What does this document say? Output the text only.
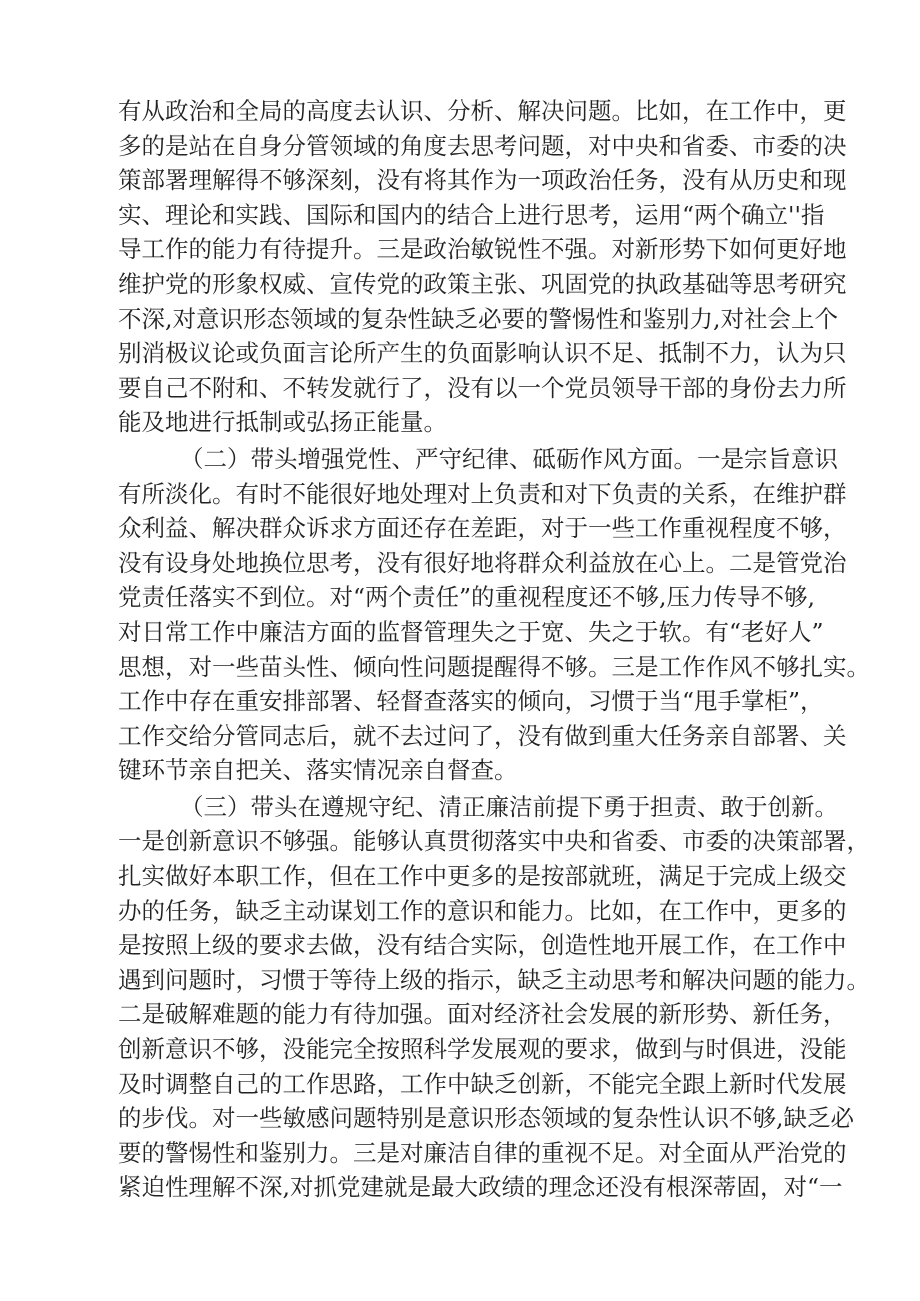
有从政治和全局的高度去认识、分析、解决问题。比如，在工作中，更
多的是站在自身分管领域的角度去思考问题，对中央和省委、市委的决
策部署理解得不够深刻，没有将其作为一项政治任务，没有从历史和现
实、理论和实践、国际和国内的结合上进行思考，运用“两个确立''指
导工作的能力有待提升。三是政治敏锐性不强。对新形势下如何更好地
维护党的形象权威、宣传党的政策主张、巩固党的执政基础等思考研究
不深,对意识形态领域的复杂性缺乏必要的警惕性和鉴别力,对社会上个
别消极议论或负面言论所产生的负面影响认识不足、抵制不力，认为只
要自己不附和、不转发就行了，没有以一个党员领导干部的身份去力所
能及地进行抵制或弘扬正能量。
（二）带头增强党性、严守纪律、砥砺作风方面。一是宗旨意识
有所淡化。有时不能很好地处理对上负责和对下负责的关系，在维护群
众利益、解决群众诉求方面还存在差距，对于一些工作重视程度不够，
没有设身处地换位思考，没有很好地将群众利益放在心上。二是管党治
党责任落实不到位。对“两个责任”的重视程度还不够,压力传导不够,
对日常工作中廉洁方面的监督管理失之于宽、失之于软。有“老好人”
思想，对一些苗头性、倾向性问题提醒得不够。三是工作作风不够扎实。
工作中存在重安排部署、轻督查落实的倾向，习惯于当“甩手掌柜”，
工作交给分管同志后，就不去过问了，没有做到重大任务亲自部署、关
键环节亲自把关、落实情况亲自督查。
（三）带头在遵规守纪、清正廉洁前提下勇于担责、敢于创新。
一是创新意识不够强。能够认真贯彻落实中央和省委、市委的决策部署，
扎实做好本职工作，但在工作中更多的是按部就班，满足于完成上级交
办的任务，缺乏主动谋划工作的意识和能力。比如，在工作中，更多的
是按照上级的要求去做，没有结合实际，创造性地开展工作，在工作中
遇到问题时，习惯于等待上级的指示，缺乏主动思考和解决问题的能力。
二是破解难题的能力有待加强。面对经济社会发展的新形势、新任务，
创新意识不够，没能完全按照科学发展观的要求，做到与时俱进，没能
及时调整自己的工作思路，工作中缺乏创新，不能完全跟上新时代发展
的步伐。对一些敏感问题特别是意识形态领域的复杂性认识不够,缺乏必
要的警惕性和鉴别力。三是对廉洁自律的重视不足。对全面从严治党的
紧迫性理解不深,对抓党建就是最大政绩的理念还没有根深蒂固，对“一
